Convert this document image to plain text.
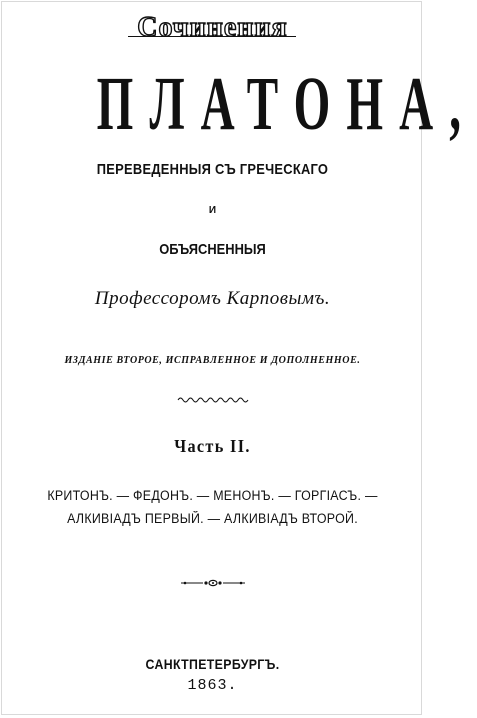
Сочинения
ПЛАТОНА,
ПЕРЕВЕДЕННЫЯ СЪ ГРЕЧЕСКАГО
И
ОБЪЯСНЕННЫЯ
Профессоромъ Карповымъ.
ИЗДАНІЕ ВТОРОЕ, ИСПРАВЛЕННОЕ И ДОПОЛНЕННОЕ.
Часть II.
КРИТОНЪ. — ФЕДОНЪ. — МЕНОНЪ. — ГОРГІАСЪ. —
АЛКИВІАДЪ ПЕРВЫЙ. — АЛКИВІАДЪ ВТОРОЙ.
САНКТПЕТЕРБУРГЪ.
1863.
